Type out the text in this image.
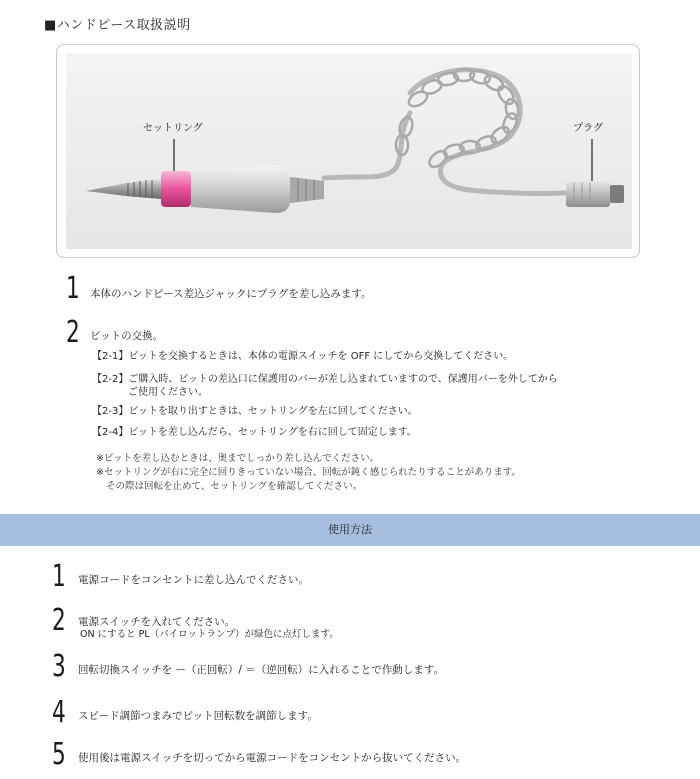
■ハンドピース取扱説明
セットリング	プラグ
1 本体のハンドピース差込ジャックにプラグを差し込みます。
2 ビットの交換。
【2-1】ビットを交換するときは、本体の電源スイッチを OFF にしてから交換してください。
【2-2】ご購入時、ビットの差込口に保護用のバーが差し込まれていますので、保護用バーを外してから
ご使用ください。
【2-3】ビットを取り出すときは、セットリングを左に回してください。
【2-4】ビットを差し込んだら、セットリングを右に回して固定します。
※ビットを差し込むときは、奥までしっかり差し込んでください。
※セットリングが右に完全に回りきっていない場合、回転が鈍く感じられたりすることがあります。
その際は回転を止めて、セットリングを確認してください。
使用方法
1 電源コードをコンセントに差し込んでください。
2 電源スイッチを入れてください。
ON にすると PL（パイロットランプ）が緑色に点灯します。
3 回転切換スイッチを ー（正回転）/ ＝（逆回転）に入れることで作動します。
4 スピード調節つまみでビット回転数を調節します。
5 使用後は電源スイッチを切ってから電源コードをコンセントから抜いてください。
